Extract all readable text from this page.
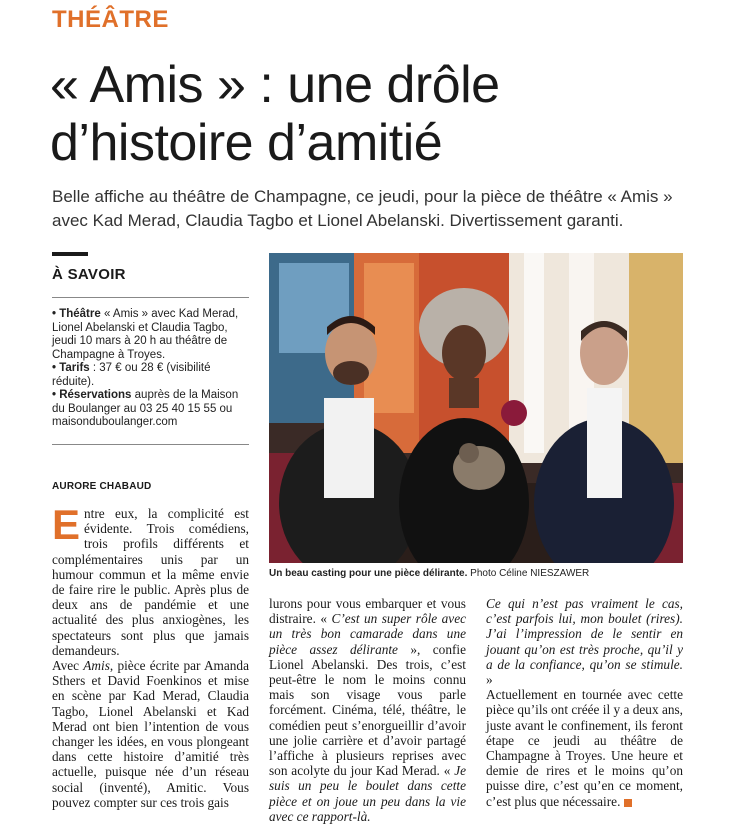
THÉÂTRE
« Amis » : une drôle
d’histoire d’amitié

Belle affiche au théâtre de Champagne, ce jeudi, pour la pièce de théâtre « Amis » avec Kad Merad, Claudia Tagbo et Lionel Abelanski. Divertissement garanti.

À SAVOIR

• Théâtre « Amis » avec Kad Merad, Lionel Abelanski et Claudia Tagbo, jeudi 10 mars à 20 h au théâtre de Champagne à Troyes.

• Tarifs : 37 € ou 28 € (visibilité réduite).

• Réservations auprès de la Maison du Boulanger au 03 25 40 15 55 ou maisonduboulanger.com

AURORE CHABAUD
Un beau casting pour une pièce délirante. Photo Céline NIESZAWER

Entre eux, la complicité est évidente. Trois comédiens, trois profils différents et complémentaires unis par un humour commun et la même envie de faire rire le public. Après plus de deux ans de pandémie et une actualité des plus anxiogènes, les spectateurs sont plus que jamais demandeurs.

Avec Amis, pièce écrite par Amanda Sthers et David Foenkinos et mise en scène par Kad Merad, Claudia Tagbo, Lionel Abelanski et Kad Merad ont bien l’intention de vous changer les idées, en vous plongeant dans cette histoire d’amitié très actuelle, puisque née d’un réseau social (inventé), Amitic. Vous pouvez compter sur ces trois gais

lurons pour vous embarquer et vous distraire. « C’est un super rôle avec un très bon camarade dans une pièce assez délirante », confie Lionel Abelanski. Des trois, c’est peut-être le nom le moins connu mais son visage vous parle forcément. Cinéma, télé, théâtre, le comédien peut s’enorgueillir d’avoir une jolie carrière et d’avoir partagé l’affiche à plusieurs reprises avec son acolyte du jour Kad Merad. « Je suis un peu le boulet dans cette pièce et on joue un peu dans la vie avec ce rapport-là.

Ce qui n’est pas vraiment le cas, c’est parfois lui, mon boulet (rires). J’ai l’impression de le sentir en jouant qu’on est très proche, qu’il y a de la confiance, qu’on se stimule. »

Actuellement en tournée avec cette pièce qu’ils ont créée il y a deux ans, juste avant le confinement, ils feront étape ce jeudi au théâtre de Champagne à Troyes. Une heure et demie de rires et le moins qu’on puisse dire, c’est qu’en ce moment, c’est plus que nécessaire.
